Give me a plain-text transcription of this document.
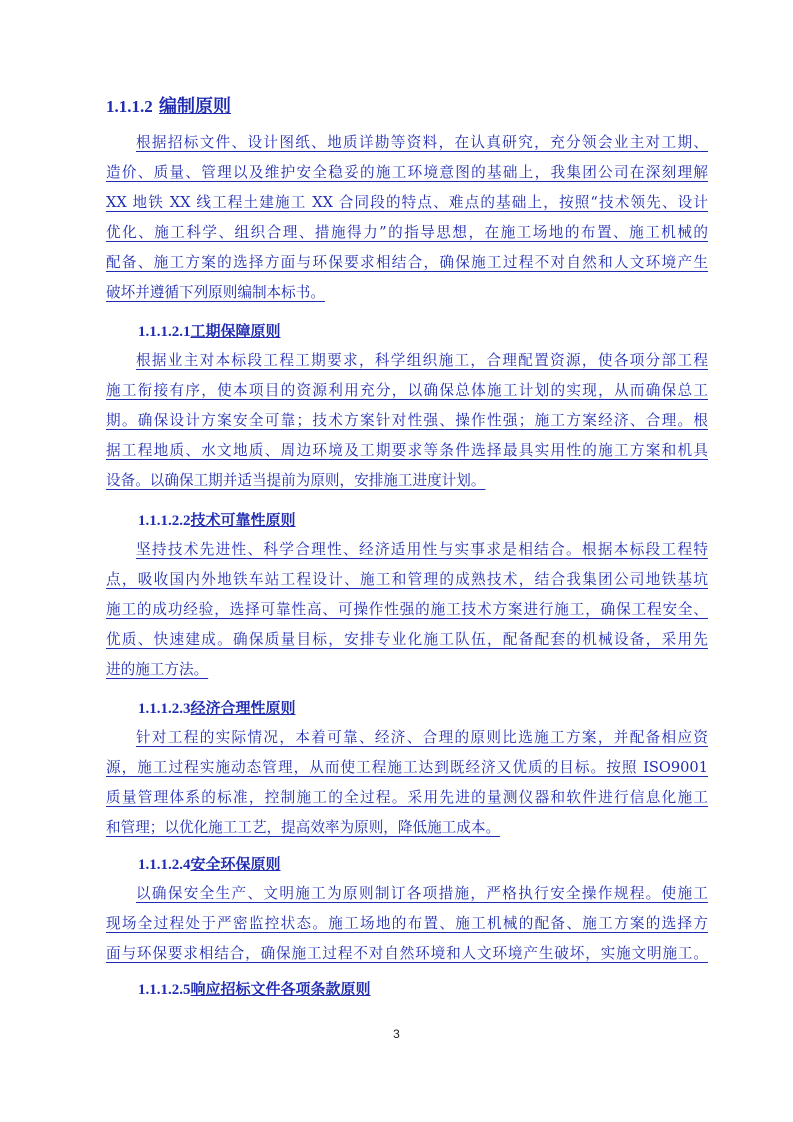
1.1.1.2 编制原则
根据招标文件、设计图纸、地质详勘等资料，在认真研究，充分领会业主对工期、
造价、质量、管理以及维护安全稳妥的施工环境意图的基础上，我集团公司在深刻理解
XX 地铁 XX 线工程土建施工 XX 合同段的特点、难点的基础上，按照“技术领先、设计
优化、施工科学、组织合理、措施得力”的指导思想，在施工场地的布置、施工机械的
配备、施工方案的选择方面与环保要求相结合，确保施工过程不对自然和人文环境产生
破坏并遵循下列原则编制本标书。
1.1.1.2.1工期保障原则
根据业主对本标段工程工期要求，科学组织施工，合理配置资源，使各项分部工程
施工衔接有序，使本项目的资源利用充分，以确保总体施工计划的实现，从而确保总工
期。确保设计方案安全可靠；技术方案针对性强、操作性强；施工方案经济、合理。根
据工程地质、水文地质、周边环境及工期要求等条件选择最具实用性的施工方案和机具
设备。以确保工期并适当提前为原则，安排施工进度计划。
1.1.1.2.2技术可靠性原则
坚持技术先进性、科学合理性、经济适用性与实事求是相结合。根据本标段工程特
点，吸收国内外地铁车站工程设计、施工和管理的成熟技术，结合我集团公司地铁基坑
施工的成功经验，选择可靠性高、可操作性强的施工技术方案进行施工，确保工程安全、
优质、快速建成。确保质量目标，安排专业化施工队伍，配备配套的机械设备，采用先
进的施工方法。
1.1.1.2.3经济合理性原则
针对工程的实际情况，本着可靠、经济、合理的原则比选施工方案，并配备相应资
源，施工过程实施动态管理，从而使工程施工达到既经济又优质的目标。按照 ISO9001
质量管理体系的标准，控制施工的全过程。采用先进的量测仪器和软件进行信息化施工
和管理；以优化施工工艺，提高效率为原则，降低施工成本。
1.1.1.2.4安全环保原则
以确保安全生产、文明施工为原则制订各项措施，严格执行安全操作规程。使施工
现场全过程处于严密监控状态。施工场地的布置、施工机械的配备、施工方案的选择方
面与环保要求相结合，确保施工过程不对自然环境和人文环境产生破坏，实施文明施工。
1.1.1.2.5响应招标文件各项条款原则
3
